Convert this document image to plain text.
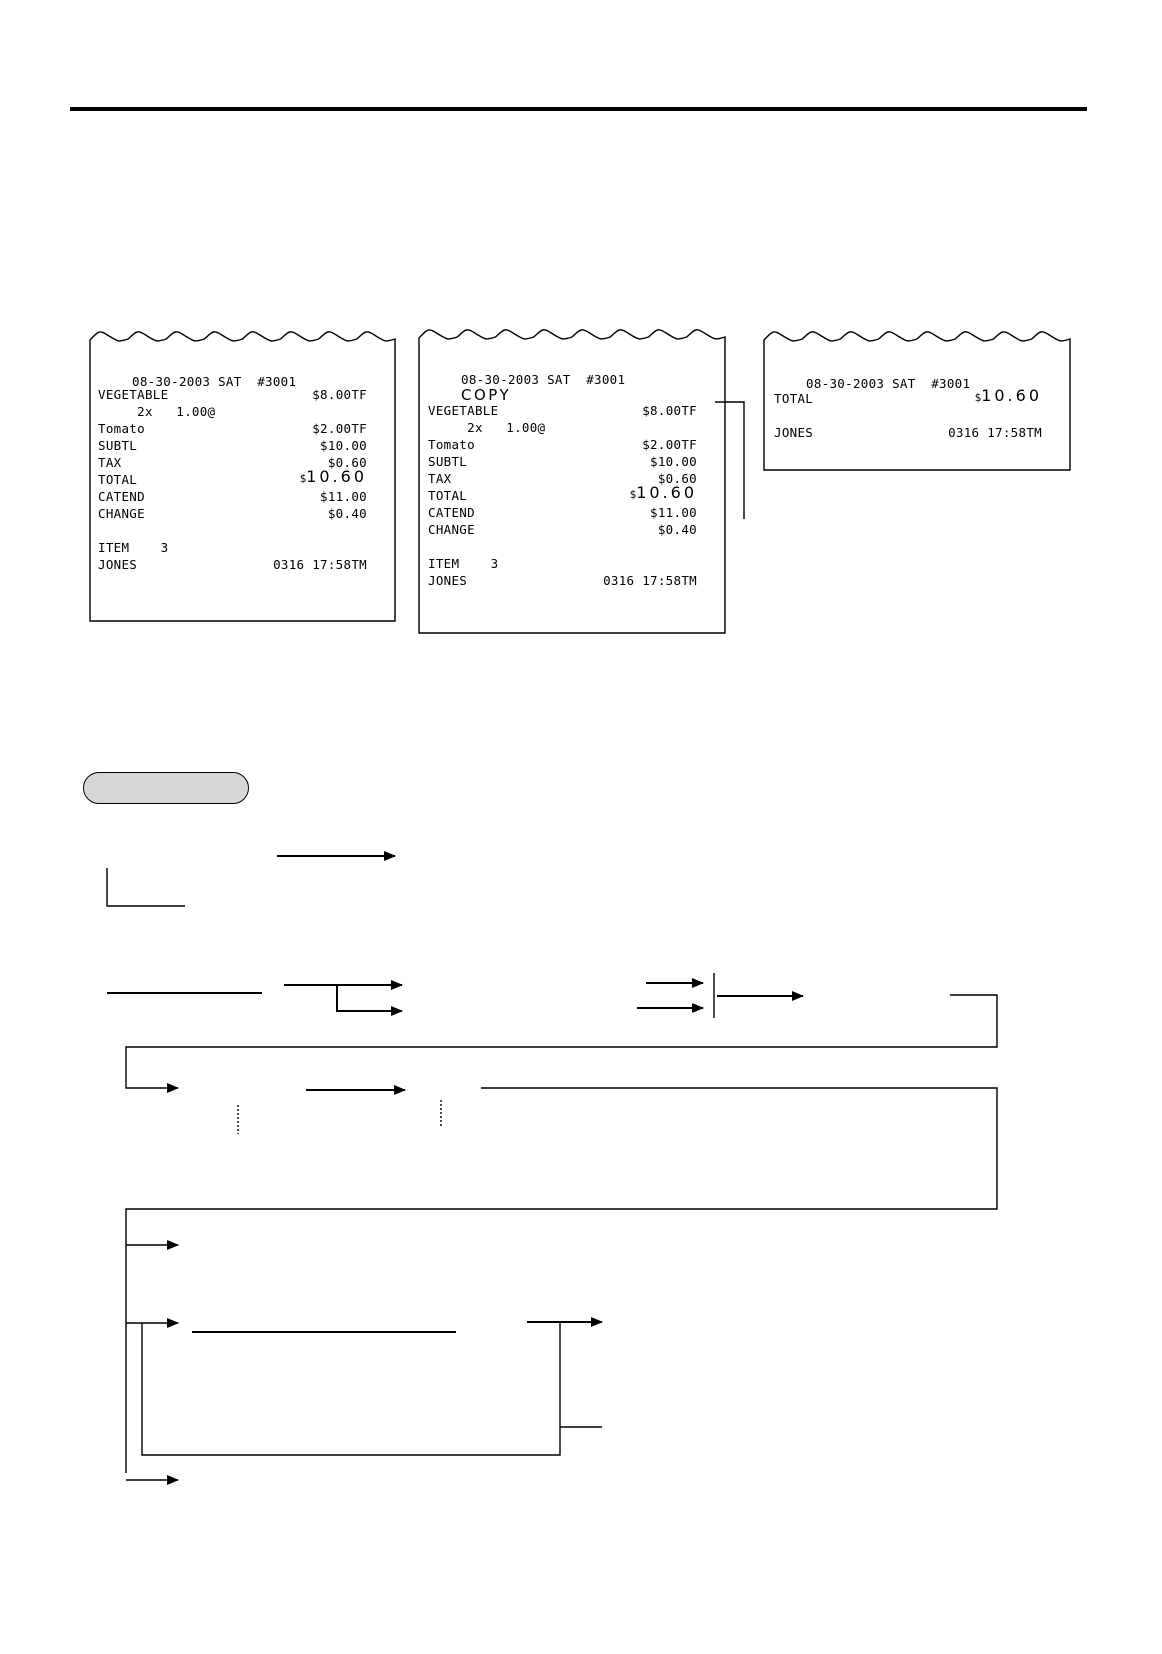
08-30-2003 SAT  #3001

VEGETABLE	$8.00TF
2x   1.00@
Tomato	$2.00TF
SUBTL	$10.00
TAX	$0.60
TOTAL	$10.60
CATEND	$11.00
CHANGE	$0.40
ITEM    3
JONES	0316 17:58TM

08-30-2003 SAT  #3001

COPY
VEGETABLE	$8.00TF
2x   1.00@
Tomato	$2.00TF
SUBTL	$10.00
TAX	$0.60
TOTAL	$10.60
CATEND	$11.00
CHANGE	$0.40
ITEM    3
JONES	0316 17:58TM

08-30-2003 SAT  #3001

TOTAL	$10.60
JONES	0316 17:58TM
